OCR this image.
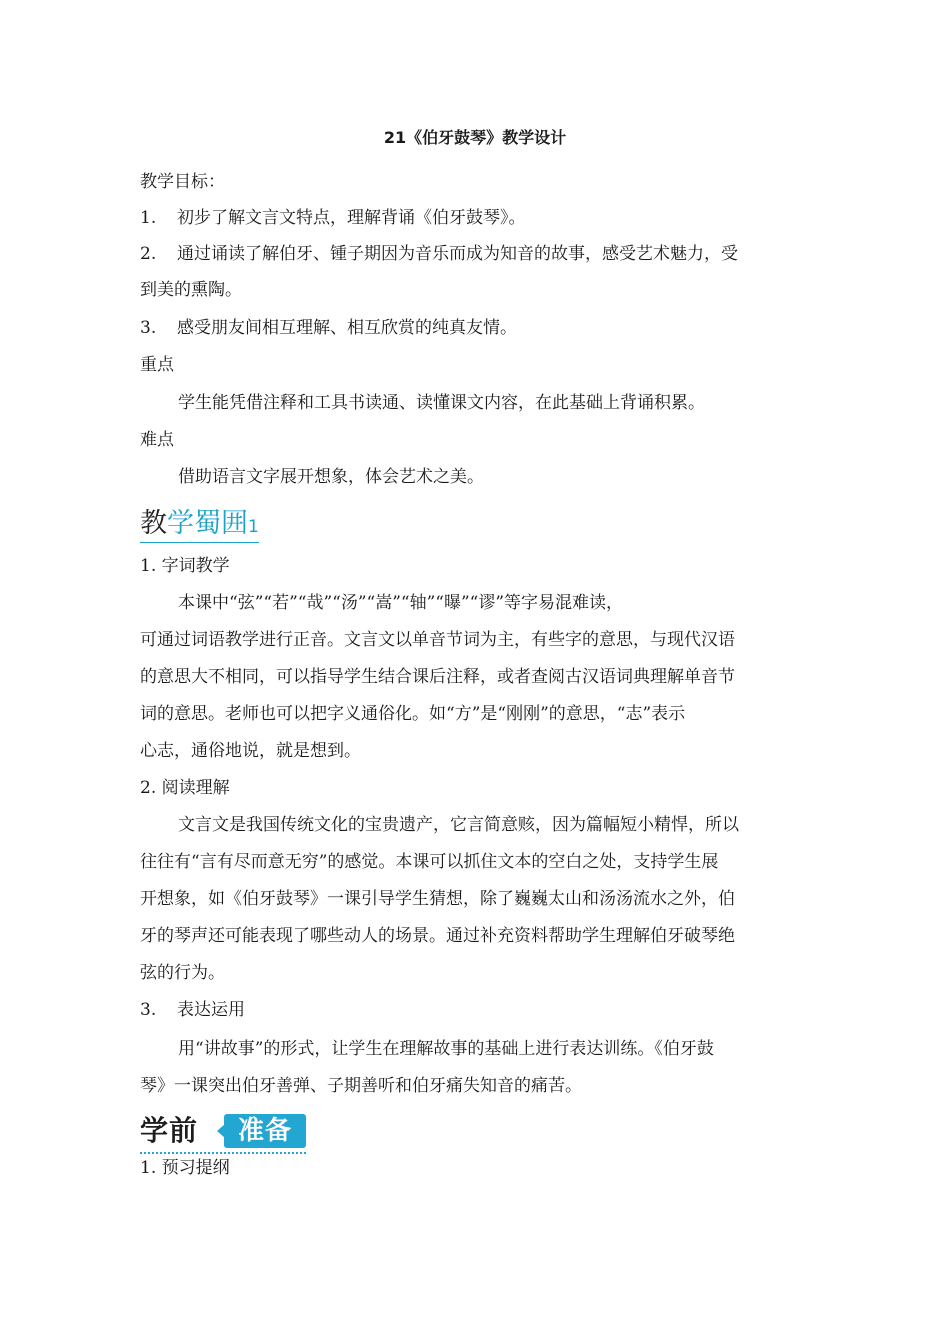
21《伯牙鼓琴》教学设计
教学目标：
1. 初步了解文言文特点，理解背诵《伯牙鼓琴》。
2. 通过诵读了解伯牙、锺子期因为音乐而成为知音的故事，感受艺术魅力，受
到美的熏陶。
3. 感受朋友间相互理解、相互欣赏的纯真友情。
重点
学生能凭借注释和工具书读通、读懂课文内容，在此基础上背诵积累。
难点
借助语言文字展开想象，体会艺术之美。
教学蜀囲1
1. 字词教学
本课中“弦”“若”“哉”“汤”“嵩”“轴”“曝”“谬”等字易混难读，
可通过词语教学进行正音。文言文以单音节词为主，有些字的意思，与现代汉语
的意思大不相同，可以指导学生结合课后注释，或者查阅古汉语词典理解单音节
词的意思。老师也可以把字义通俗化。如“方”是“刚刚”的意思，“志”表示
心志，通俗地说，就是想到。
2. 阅读理解
文言文是我国传统文化的宝贵遗产，它言简意赅，因为篇幅短小精悍，所以
往往有“言有尽而意无穷”的感觉。本课可以抓住文本的空白之处，支持学生展
开想象，如《伯牙鼓琴》一课引导学生猜想，除了巍巍太山和汤汤流水之外，伯
牙的琴声还可能表现了哪些动人的场景。通过补充资料帮助学生理解伯牙破琴绝
弦的行为。
3. 表达运用
用“讲故事”的形式，让学生在理解故事的基础上进行表达训练。《伯牙鼓
琴》一课突出伯牙善弹、子期善听和伯牙痛失知音的痛苦。
学前	准备
1. 预习提纲
